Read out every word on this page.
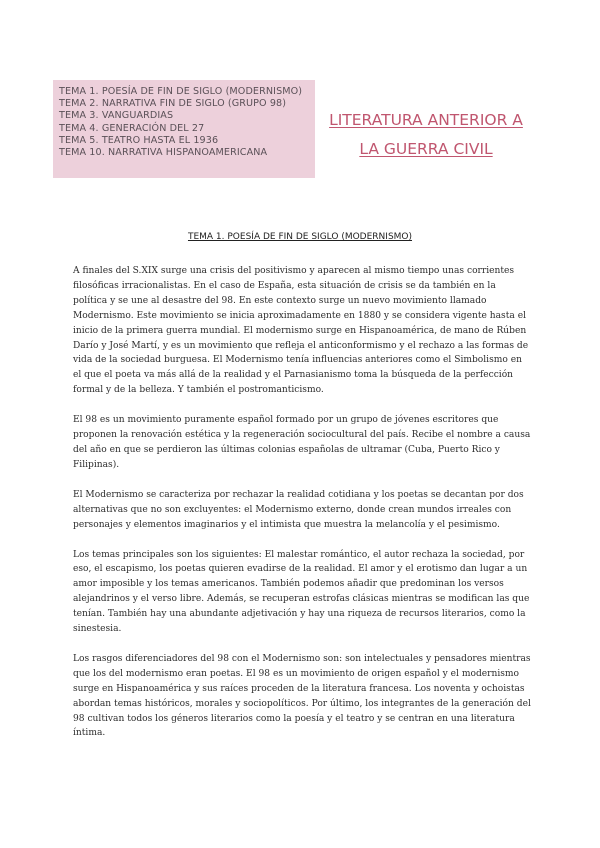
TEMA 1. POESÍA DE FIN DE SIGLO (MODERNISMO)
TEMA 2. NARRATIVA FIN DE SIGLO (GRUPO 98)
TEMA 3. VANGUARDIAS
TEMA 4. GENERACIÓN DEL 27
TEMA 5. TEATRO HASTA EL 1936
TEMA 10. NARRATIVA HISPANOAMERICANA
LITERATURA ANTERIOR A LA GUERRA CIVIL
TEMA 1. POESÍA DE FIN DE SIGLO (MODERNISMO)

A finales del S.XIX surge una crisis del positivismo y aparecen al mismo tiempo unas corrientes filosóficas irracionalistas. En el caso de España, esta situación de crisis se da también en la política y se une al desastre del 98. En este contexto surge un nuevo movimiento llamado Modernismo. Este movimiento se inicia aproximadamente en 1880 y se considera vigente hasta el inicio de la primera guerra mundial. El modernismo surge en Hispanoamérica, de mano de Rúben Darío y José Martí, y es un movimiento que refleja el anticonformismo y el rechazo a las formas de vida de la sociedad burguesa. El Modernismo tenía influencias anteriores como el Simbolismo en el que el poeta va más allá de la realidad y el Parnasianismo toma la búsqueda de la perfección formal y de la belleza. Y también el postromanticismo.

El 98 es un movimiento puramente español formado por un grupo de jóvenes escritores que proponen la renovación estética y la regeneración sociocultural del país. Recibe el nombre a causa del año en que se perdieron las últimas colonias españolas de ultramar (Cuba, Puerto Rico y Filipinas).

El Modernismo se caracteriza por rechazar la realidad cotidiana y los poetas se decantan por dos alternativas que no son excluyentes: el Modernismo externo, donde crean mundos irreales con personajes y elementos imaginarios y el intimista que muestra la melancolía y el pesimismo.

Los temas principales son los siguientes: El malestar romántico, el autor rechaza la sociedad, por eso, el escapismo, los poetas quieren evadirse de la realidad. El amor y el erotismo dan lugar a un amor imposible y los temas americanos. También podemos añadir que predominan los versos alejandrinos y el verso libre. Además, se recuperan estrofas clásicas mientras se modifican las que tenían. También hay una abundante adjetivación y hay una riqueza de recursos literarios, como la sinestesia.

Los rasgos diferenciadores del 98 con el Modernismo son: son intelectuales y pensadores mientras que los del modernismo eran poetas. El 98 es un movimiento de origen español y el modernismo surge en Hispanoamérica y sus raíces proceden de la literatura francesa. Los noventa y ochoistas abordan temas históricos, morales y sociopolíticos. Por último, los integrantes de la generación del 98 cultivan todos los géneros literarios como la poesía y el teatro y se centran en una literatura íntima.
